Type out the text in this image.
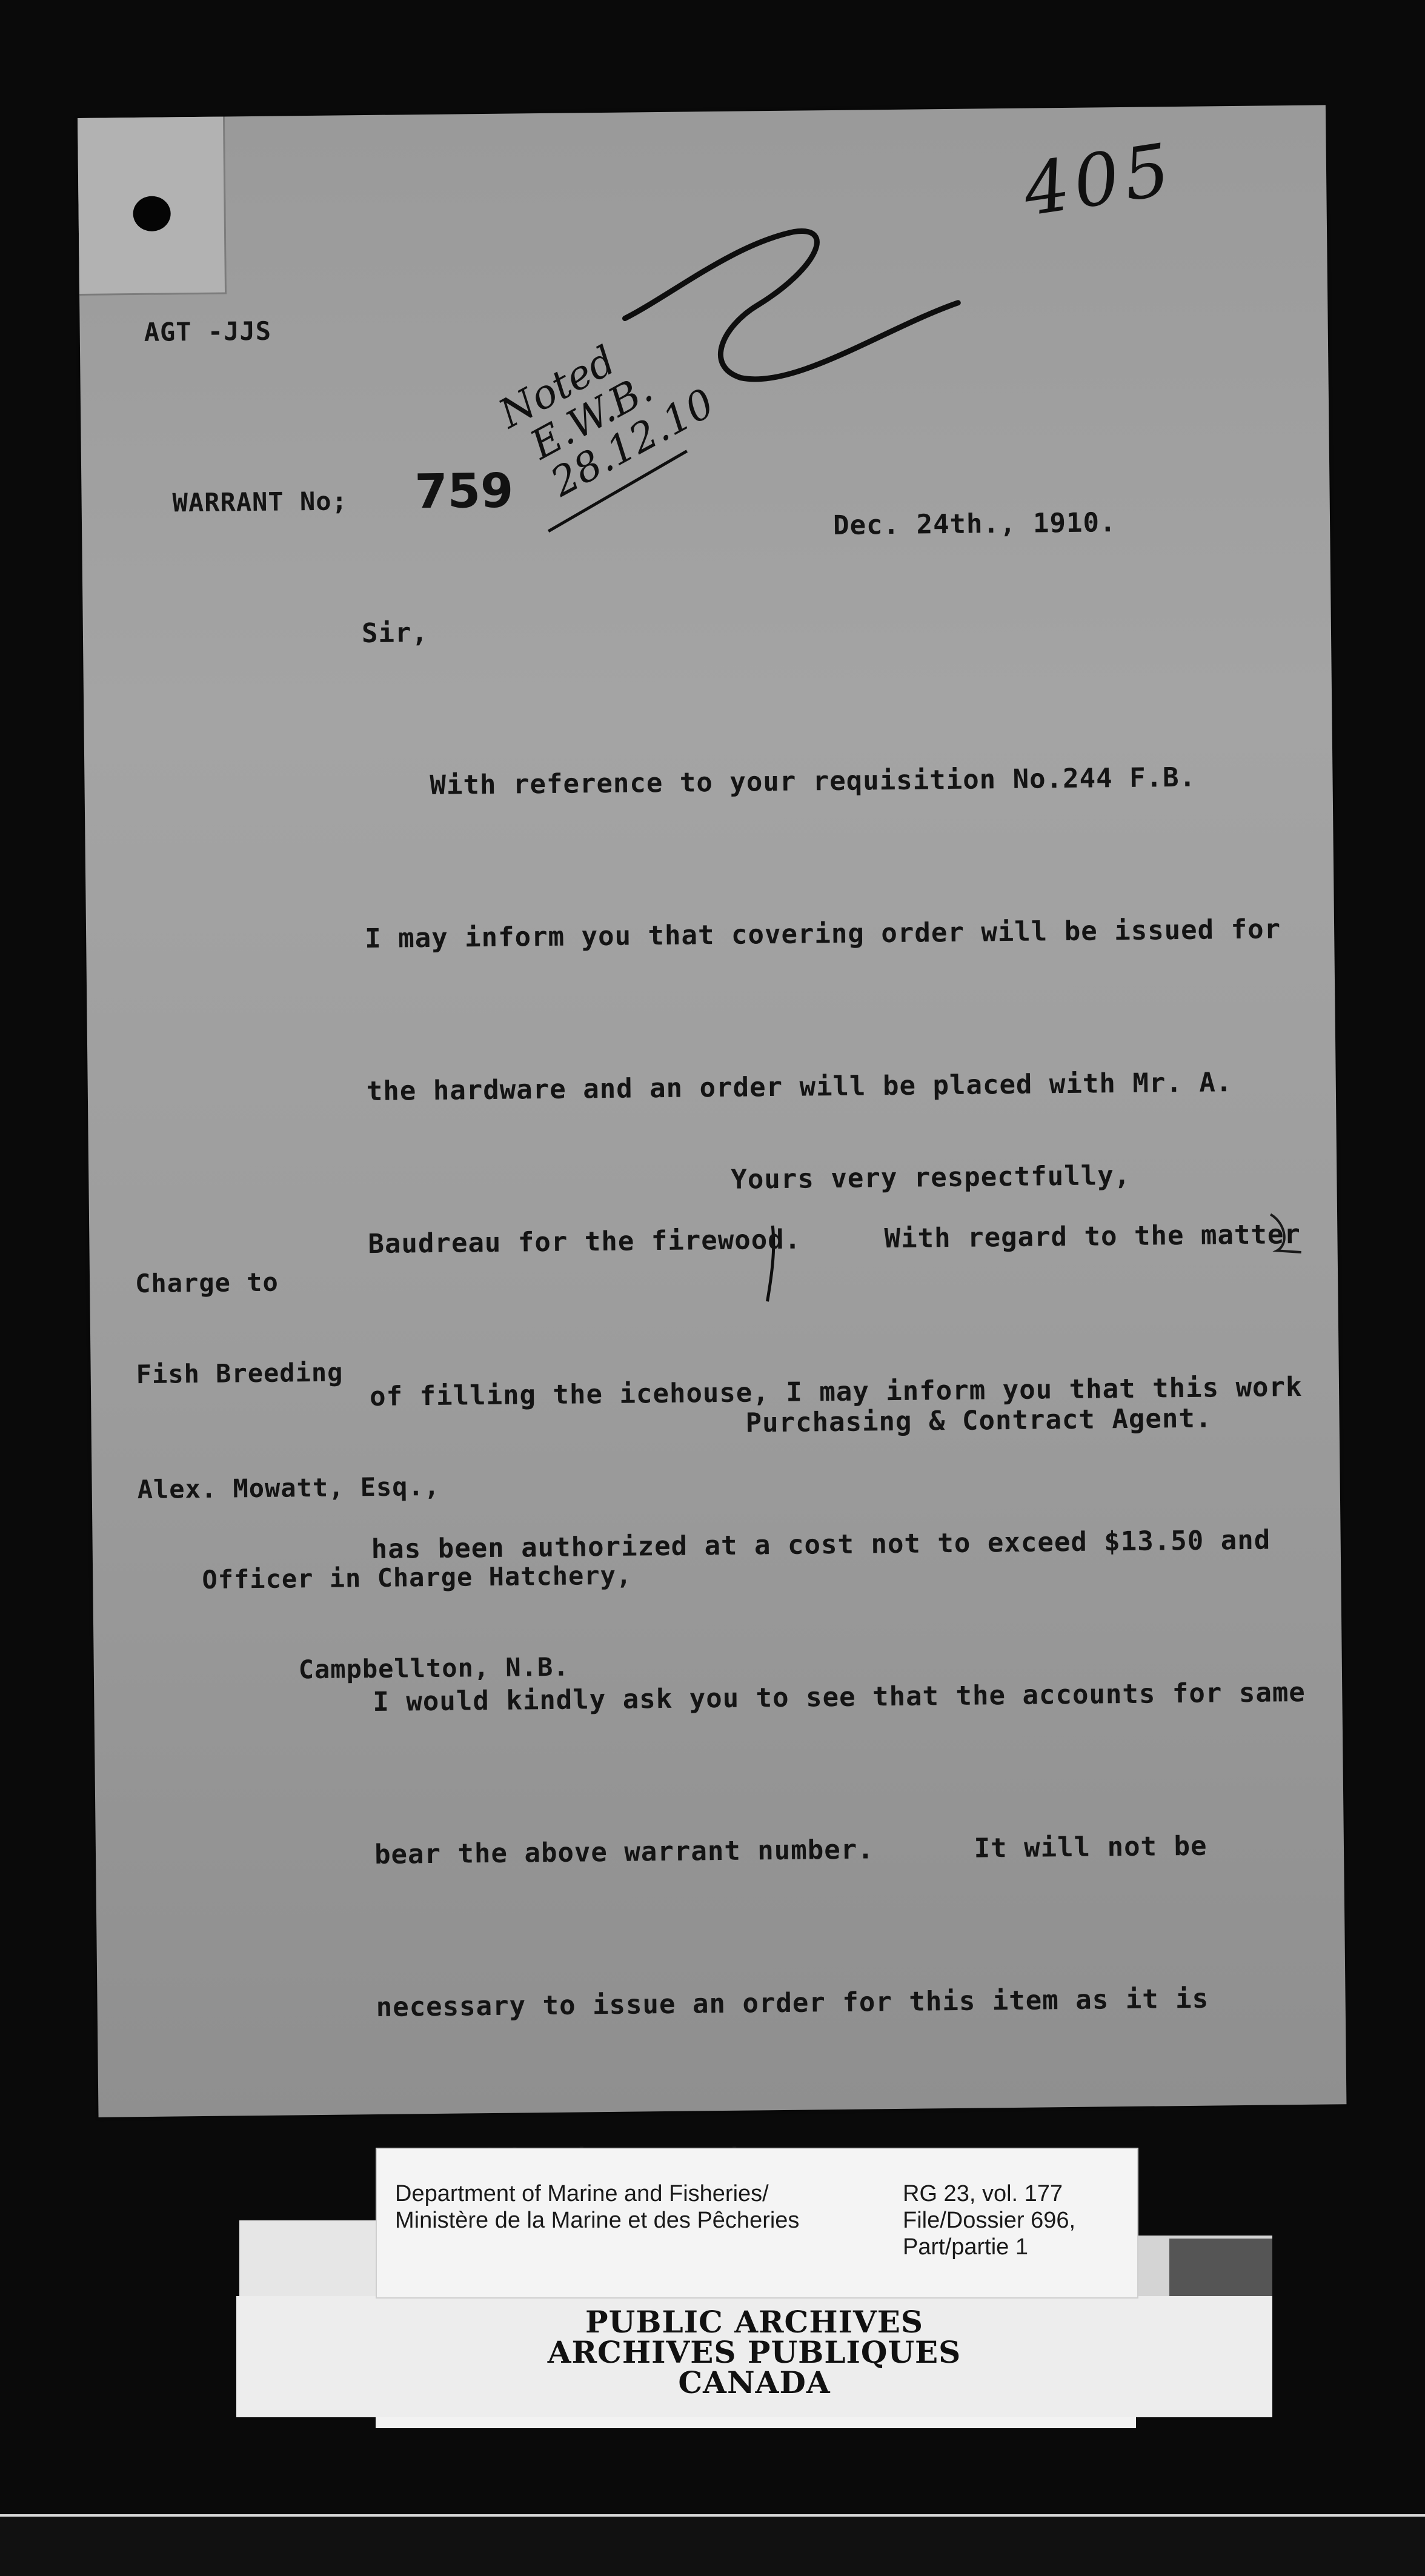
AGT -JJS
WARRANT No; 759
Dec. 24th., 1910.
405
Noted
E.W.B.
28.12.10
Sir,

With reference to your requisition No.244 F.B.

I may inform you that covering order will be issued for

the hardware and an order will be placed with Mr. A.

Baudreau for the firewood.     With regard to the matter

of filling the icehouse, I may inform you that this work

has been authorized at a cost not to exceed $13.50 and

I would kindly ask you to see that the accounts for same

bear the above warrant number.      It will not be

necessary to issue an order for this item as it is

Yours very respectfully,

Charge to

Fish Breeding

Alex. Mowatt, Esq.,

Officer in Charge Hatchery,

Campbellton, N.B.

Purchasing & Contract Agent.
PUBLIC ARCHIVES
ARCHIVES PUBLIQUES
CANADA
Department of Marine and Fisheries/
Ministère de la Marine et des Pêcheries
RG 23, vol. 177
File/Dossier 696,
Part/partie 1
